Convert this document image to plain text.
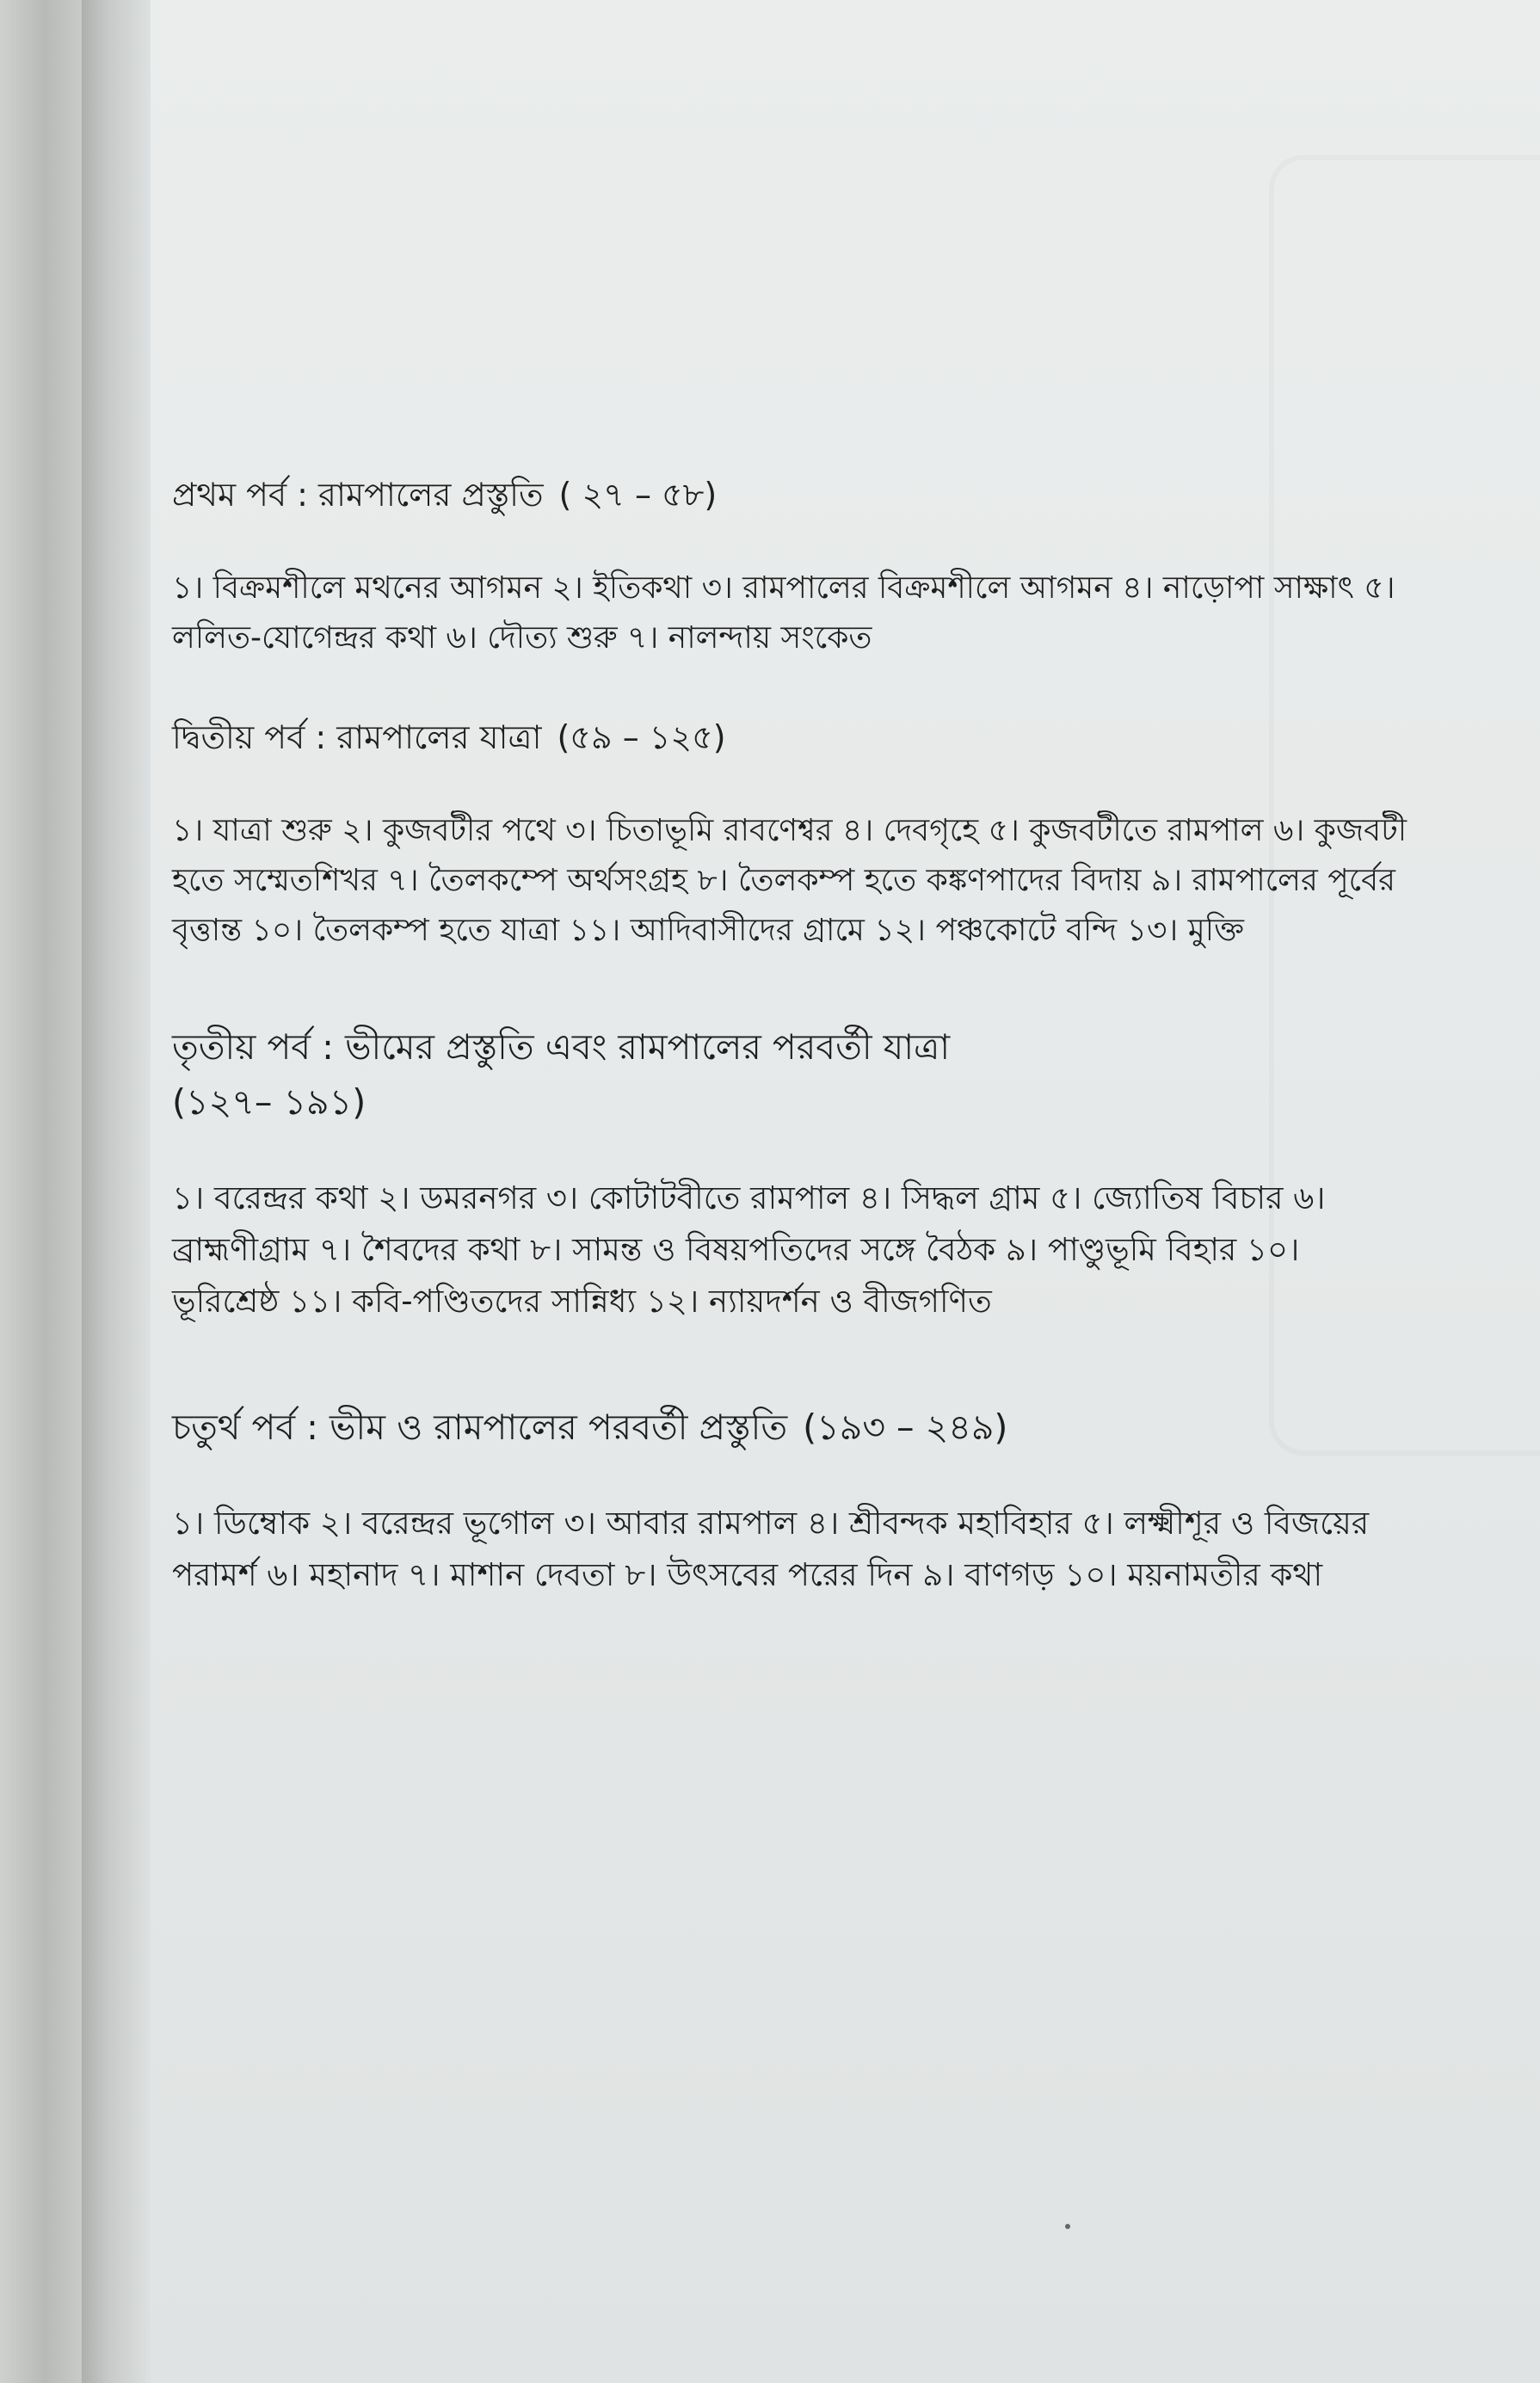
প্রথম পর্ব : রামপালের প্রস্তুতি ( ২৭ – ৫৮)

১। বিক্রমশীলে মথনের আগমন ২। ইতিকথা ৩। রামপালের বিক্রমশীলে আগমন ৪। নাড়োপা সাক্ষাৎ ৫। ললিত-যোগেন্দ্রর কথা ৬। দৌত্য শুরু ৭। নালন্দায় সংকেত

দ্বিতীয় পর্ব : রামপালের যাত্রা (৫৯ – ১২৫)

১। যাত্রা শুরু ২। কুজবটীর পথে ৩। চিতাভূমি রাবণেশ্বর ৪। দেবগৃহে ৫। কুজবটীতে রামপাল ৬। কুজবটী হতে সম্মেতশিখর ৭। তৈলকম্পে অর্থসংগ্রহ ৮। তৈলকম্প হতে কঙ্কণপাদের বিদায় ৯। রামপালের পূর্বের বৃত্তান্ত ১০। তৈলকম্প হতে যাত্রা ১১। আদিবাসীদের গ্রামে ১২। পঞ্চকোটে বন্দি ১৩। মুক্তি

তৃতীয় পর্ব : ভীমের প্রস্তুতি এবং রামপালের পরবর্তী যাত্রা
(১২৭– ১৯১)

১। বরেন্দ্রর কথা ২। ডমরনগর ৩। কোটাটবীতে রামপাল ৪। সিদ্ধল গ্রাম ৫। জ্যোতিষ বিচার ৬। ব্রাহ্মণীগ্রাম ৭। শৈবদের কথা ৮। সামন্ত ও বিষয়পতিদের সঙ্গে বৈঠক ৯। পাণ্ডুভূমি বিহার ১০। ভূরিশ্রেষ্ঠ ১১। কবি-পণ্ডিতদের সান্নিধ্য ১২। ন্যায়দর্শন ও বীজগণিত

চতুর্থ পর্ব : ভীম ও রামপালের পরবর্তী প্রস্তুতি (১৯৩ – ২৪৯)

১। ডিম্বোক ২। বরেন্দ্রর ভূগোল ৩। আবার রামপাল ৪। শ্রীবন্দক মহাবিহার ৫। লক্ষ্মীশূর ও বিজয়ের পরামর্শ ৬। মহানাদ ৭। মাশান দেবতা ৮। উৎসবের পরের দিন ৯। বাণগড় ১০। ময়নামতীর কথা
